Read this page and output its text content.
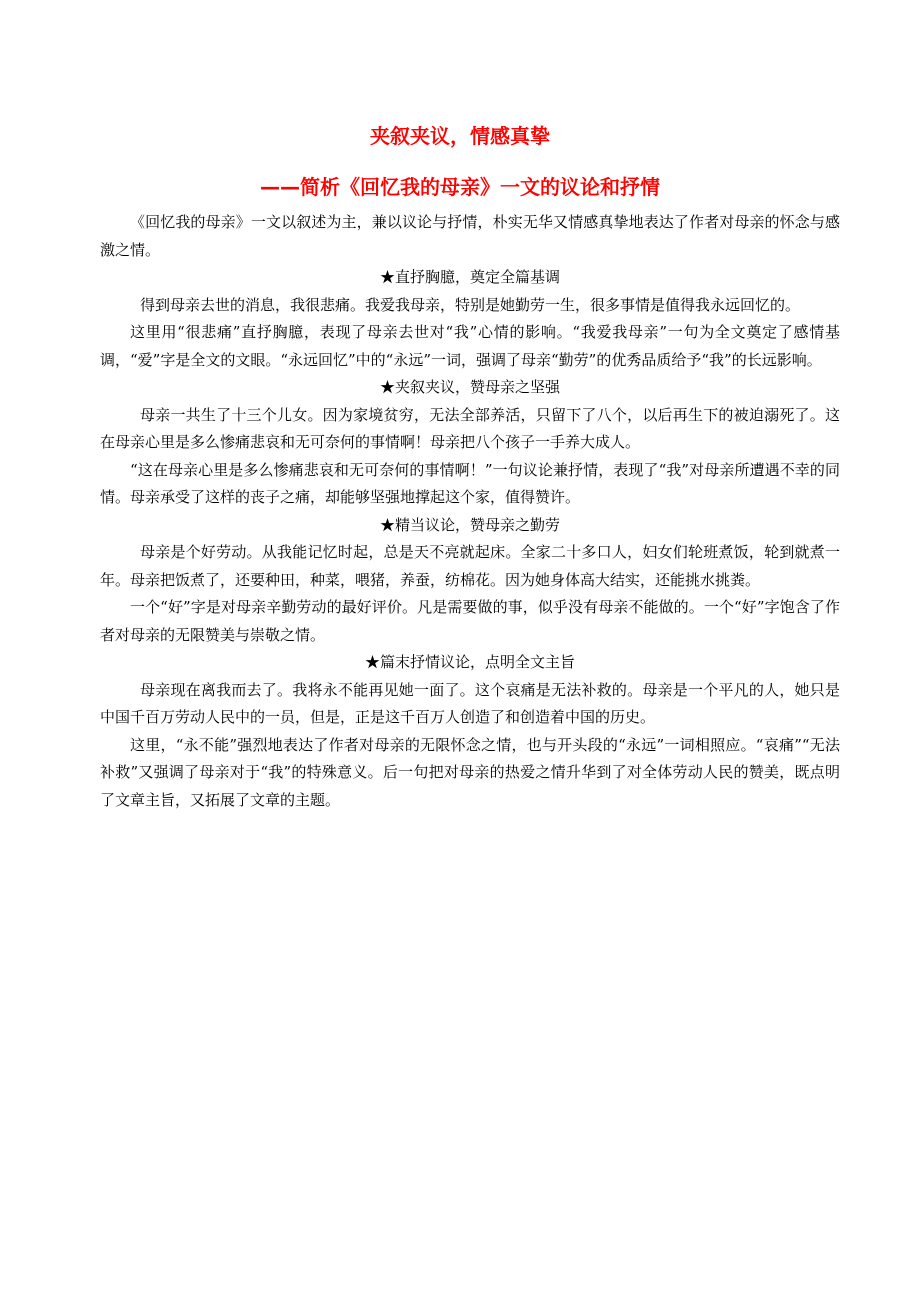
夹叙夹议，情感真挚
——简析《回忆我的母亲》一文的议论和抒情

《回忆我的母亲》一文以叙述为主，兼以议论与抒情，朴实无华又情感真挚地表达了作者对母亲的怀念与感激之情。

★直抒胸臆，奠定全篇基调

得到母亲去世的消息，我很悲痛。我爱我母亲，特别是她勤劳一生，很多事情是值得我永远回忆的。

这里用“很悲痛”直抒胸臆，表现了母亲去世对“我”心情的影响。“我爱我母亲”一句为全文奠定了感情基调，“爱”字是全文的文眼。“永远回忆”中的“永远”一词，强调了母亲“勤劳”的优秀品质给予“我”的长远影响。

★夹叙夹议，赞母亲之坚强

母亲一共生了十三个儿女。因为家境贫穷，无法全部养活，只留下了八个，以后再生下的被迫溺死了。这在母亲心里是多么惨痛悲哀和无可奈何的事情啊！母亲把八个孩子一手养大成人。

“这在母亲心里是多么惨痛悲哀和无可奈何的事情啊！”一句议论兼抒情，表现了“我”对母亲所遭遇不幸的同情。母亲承受了这样的丧子之痛，却能够坚强地撑起这个家，值得赞许。

★精当议论，赞母亲之勤劳

母亲是个好劳动。从我能记忆时起，总是天不亮就起床。全家二十多口人，妇女们轮班煮饭，轮到就煮一年。母亲把饭煮了，还要种田，种菜，喂猪，养蚕，纺棉花。因为她身体高大结实，还能挑水挑粪。

一个“好”字是对母亲辛勤劳动的最好评价。凡是需要做的事，似乎没有母亲不能做的。一个“好”字饱含了作者对母亲的无限赞美与崇敬之情。

★篇末抒情议论，点明全文主旨

母亲现在离我而去了。我将永不能再见她一面了。这个哀痛是无法补救的。母亲是一个平凡的人，她只是中国千百万劳动人民中的一员，但是，正是这千百万人创造了和创造着中国的历史。

这里，“永不能”强烈地表达了作者对母亲的无限怀念之情，也与开头段的“永远”一词相照应。“哀痛”“无法补救”又强调了母亲对于“我”的特殊意义。后一句把对母亲的热爱之情升华到了对全体劳动人民的赞美，既点明了文章主旨，又拓展了文章的主题。
